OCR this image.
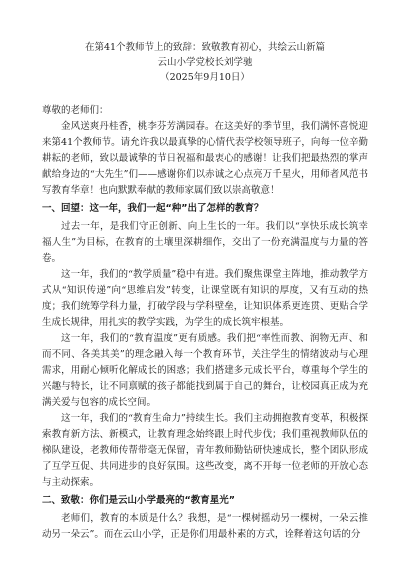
在第41个教师节上的致辞：致敬教育初心，共绘云山新篇
云山小学党校长刘学驰
（2025年9月10日）
尊敬的老师们：

金风送爽丹桂香，桃李芬芳满园春。在这美好的季节里，我们满怀喜悦迎来第41个教师节。请允许我以最真挚的心情代表学校领导班子，向每一位辛勤耕耘的老师，致以最诚挚的节日祝福和最衷心的感谢！让我们把最热烈的掌声献给身边的“大先生”们——感谢你们以赤诚之心点亮万千星火，用师者风范书写教育华章！也向默默奉献的教师家属们致以崇高敬意！

一、回望：这一年，我们一起“种”出了怎样的教育？

过去一年，是我们守正创新、向上生长的一年。我们以“享快乐成长筑幸福人生”为目标，在教育的土壤里深耕细作，交出了一份充满温度与力量的答卷。

这一年，我们的“教学质量”稳中有进。我们聚焦课堂主阵地，推动教学方式从“知识传递”向“思维启发”转变，让课堂既有知识的厚度，又有互动的热度；我们统筹学科力量，打破学段与学科壁垒，让知识体系更连贯、更贴合学生成长规律，用扎实的教学实践，为学生的成长筑牢根基。

这一年，我们的“教育温度”更有质感。我们把“率性而教、润物无声、和而不同、各美其美”的理念融入每一个教育环节，关注学生的情绪波动与心理需求，用耐心倾听化解成长的困惑；我们搭建多元成长平台，尊重每个学生的兴趣与特长，让不同禀赋的孩子都能找到属于自己的舞台，让校园真正成为充满关爱与包容的成长空间。

这一年，我们的“教育生命力”持续生长。我们主动拥抱教育变革，积极探索教育新方法、新模式，让教育理念始终跟上时代步伐；我们重视教师队伍的梯队建设，老教师传帮带毫无保留，青年教师勤钻研快速成长，整个团队形成了互学互促、共同进步的良好氛围。这些改变，离不开每一位老师的开放心态与主动探索。

二、致敬：你们是云山小学最亮的“教育星光”

老师们，教育的本质是什么？我想，是“一棵树摇动另一棵树，一朵云推动另一朵云”。而在云山小学，正是你们用最朴素的方式，诠释着这句话的分
